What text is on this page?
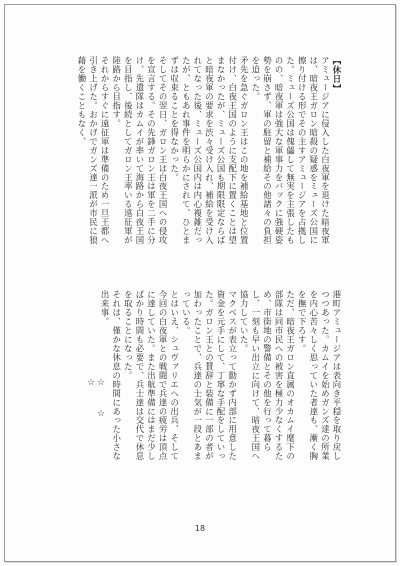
【休日】

アミュージアに侵入した白夜軍を退けた暗夜軍は、暗夜王ガロン暗殺の疑惑をミューズ公国に擦り付ける形でその主すアミュージアを占拠した。ミューズ公国は傀儡して無実を主張したものの、暗夜軍は強大な軍事力をバックに強硬姿勢を崩さず、軍の駐留と補給その他諸々の負担を迫った。

矛先を急ぐガロン王はこの地を補給基地と位置付け、白夜王国のように支配下に置くことは望まなかったが、ミューズ公国も期限限定ならばと暗夜軍の要求を渋々受け入れ、補給を受け入れてなった後、ミューズ公国内は内心複雑だったが、ともあれ事件を明らかにされて、ひとまずは収束ることを得なかった。

そしてその翌日、ガロン王は白夜王国への侵攻を宣言する。その先鋒ガロン王は軍を二手に分け、先遣隊はカムイが率いて海路から白夜王国を目指し、後続としてガロン王率いる遠征軍が陸路から目指す。

それからすぐに遠征軍は準備のため一旦王都へ引き上げた。おかげでガンズ達一派が市民に狼藉を働くこともなく、

港町アミュージアは表向き平穏を取り戻しつつあった。カムイを始めガンズ達の所業を内心苦々しく思っていた者達も、漸く胸を撫で下ろす。

ただ、暗夜王ガロン直属のオカムイ麾下の部隊は同市民への被害を極力少なくするため、市街地の警備とその他を行って暮らし、一刻も早い出立に向けて、暗夜王国へ協力していた。

マクベスが表立って動かず内部に用意した資金を元手にして、丁寧な手配をしていった。ガロン王との賛辞と装備に一部の者が加わったことで、兵達の士気が一段とあまっている。

とはいえ、シュヴァリエへの出兵、そして今回の白夜軍との戦闘で兵達の疲労は頂点に達していた。また出航準備にはまだ少しばかり時間も必要で、兵士達は交代で休息を取ることになった。

それは、僅かな休息の時間にあった小さな出来事。

☆ ☆ ☆
18
